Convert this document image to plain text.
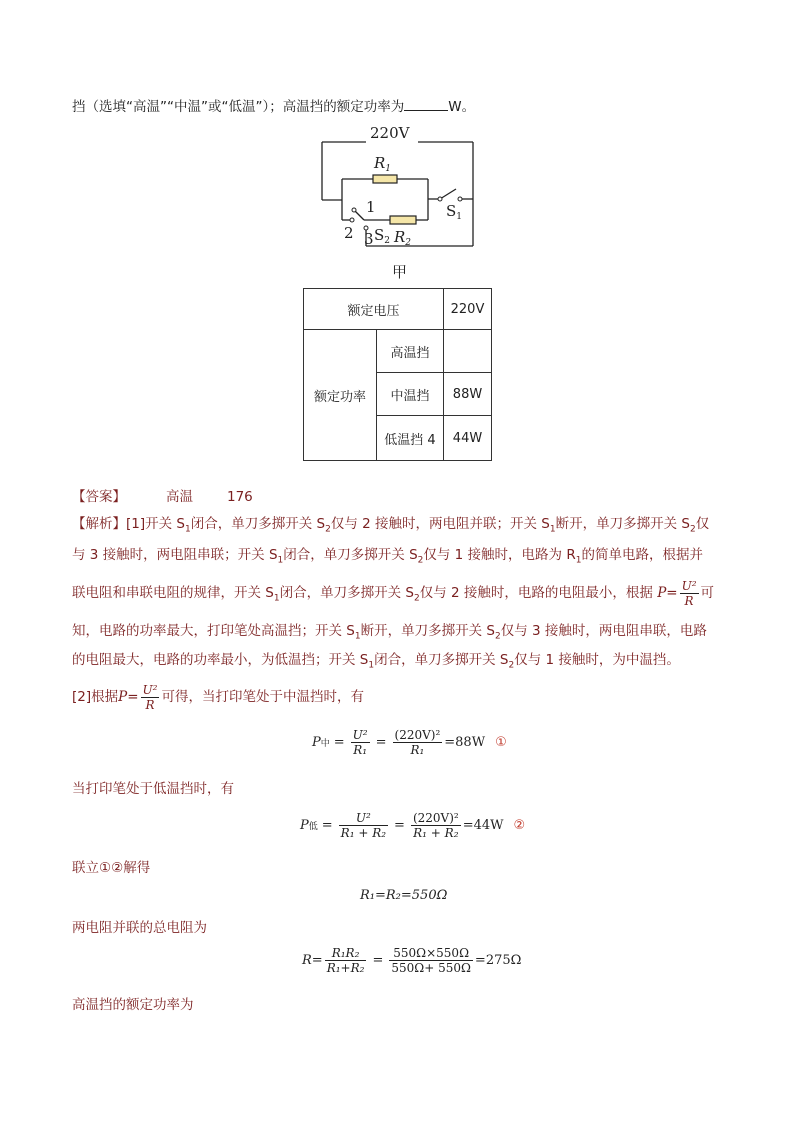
挡（选填“高温”“中温”或“低温”）；高温挡的额定功率为	W。
220V
$R_1$
$S_1$
1
2 3 $S_2$ $R_2$
甲
额定电压		220V
额定功率	高温挡	
	中温挡	88W
	低温挡 4	44W
【答案】	高温	176
【解析】[1]开关 $S_1$闭合，单刀多掷开关 $S_2$仅与 2 接触时，两电阻并联；开关 $S_1$断开，单刀多掷开关 $S_2$仅
与 3 接触时，两电阻串联；开关 $S_1$闭合，单刀多掷开关 $S_2$仅与 1 接触时，电路为 $R_1$的简单电路，根据并
联电阻和串联电阻的规律，开关 $S_1$闭合，单刀多掷开关 $S_2$仅与 2 接触时，电路的电阻最小，根据 $P= \frac{\text{U²}}{R}$ 可
知，电路的功率最大，打印笔处高温挡；开关 $S_1$断开，单刀多掷开关 $S_2$仅与 3 接触时，两电阻串联，电路
的电阻最大，电路的功率最小，为低温挡；开关 $S_1$闭合，单刀多掷开关 $S_2$仅与 1 接触时，为中温挡。
[2]根据$P= \frac{\text{U²}}{R}$ 可得，当打印笔处于中温挡时，有
P 中 = $\frac{\text{U²}}{\text{R₁}} = \frac{\text{(220V)²}}{\text{R₁}} =88W$ ①
当打印笔处于低温挡时，有
P 低 = $\frac{\text{U²}}{\text{R₁ + R₂}} = \frac{\text{(220V)²}}{\text{R₁ + R₂}} =44W$ ②
联立①②解得
R₁=R₂=550Ω
两电阻并联的总电阻为
$R= \frac{\text{R₁R₂}}{\text{R₁+R₂}} = \frac{550\Omega\times 550\Omega}{550\Omega+ 550\Omega} =275\Omega$
高温挡的额定功率为
